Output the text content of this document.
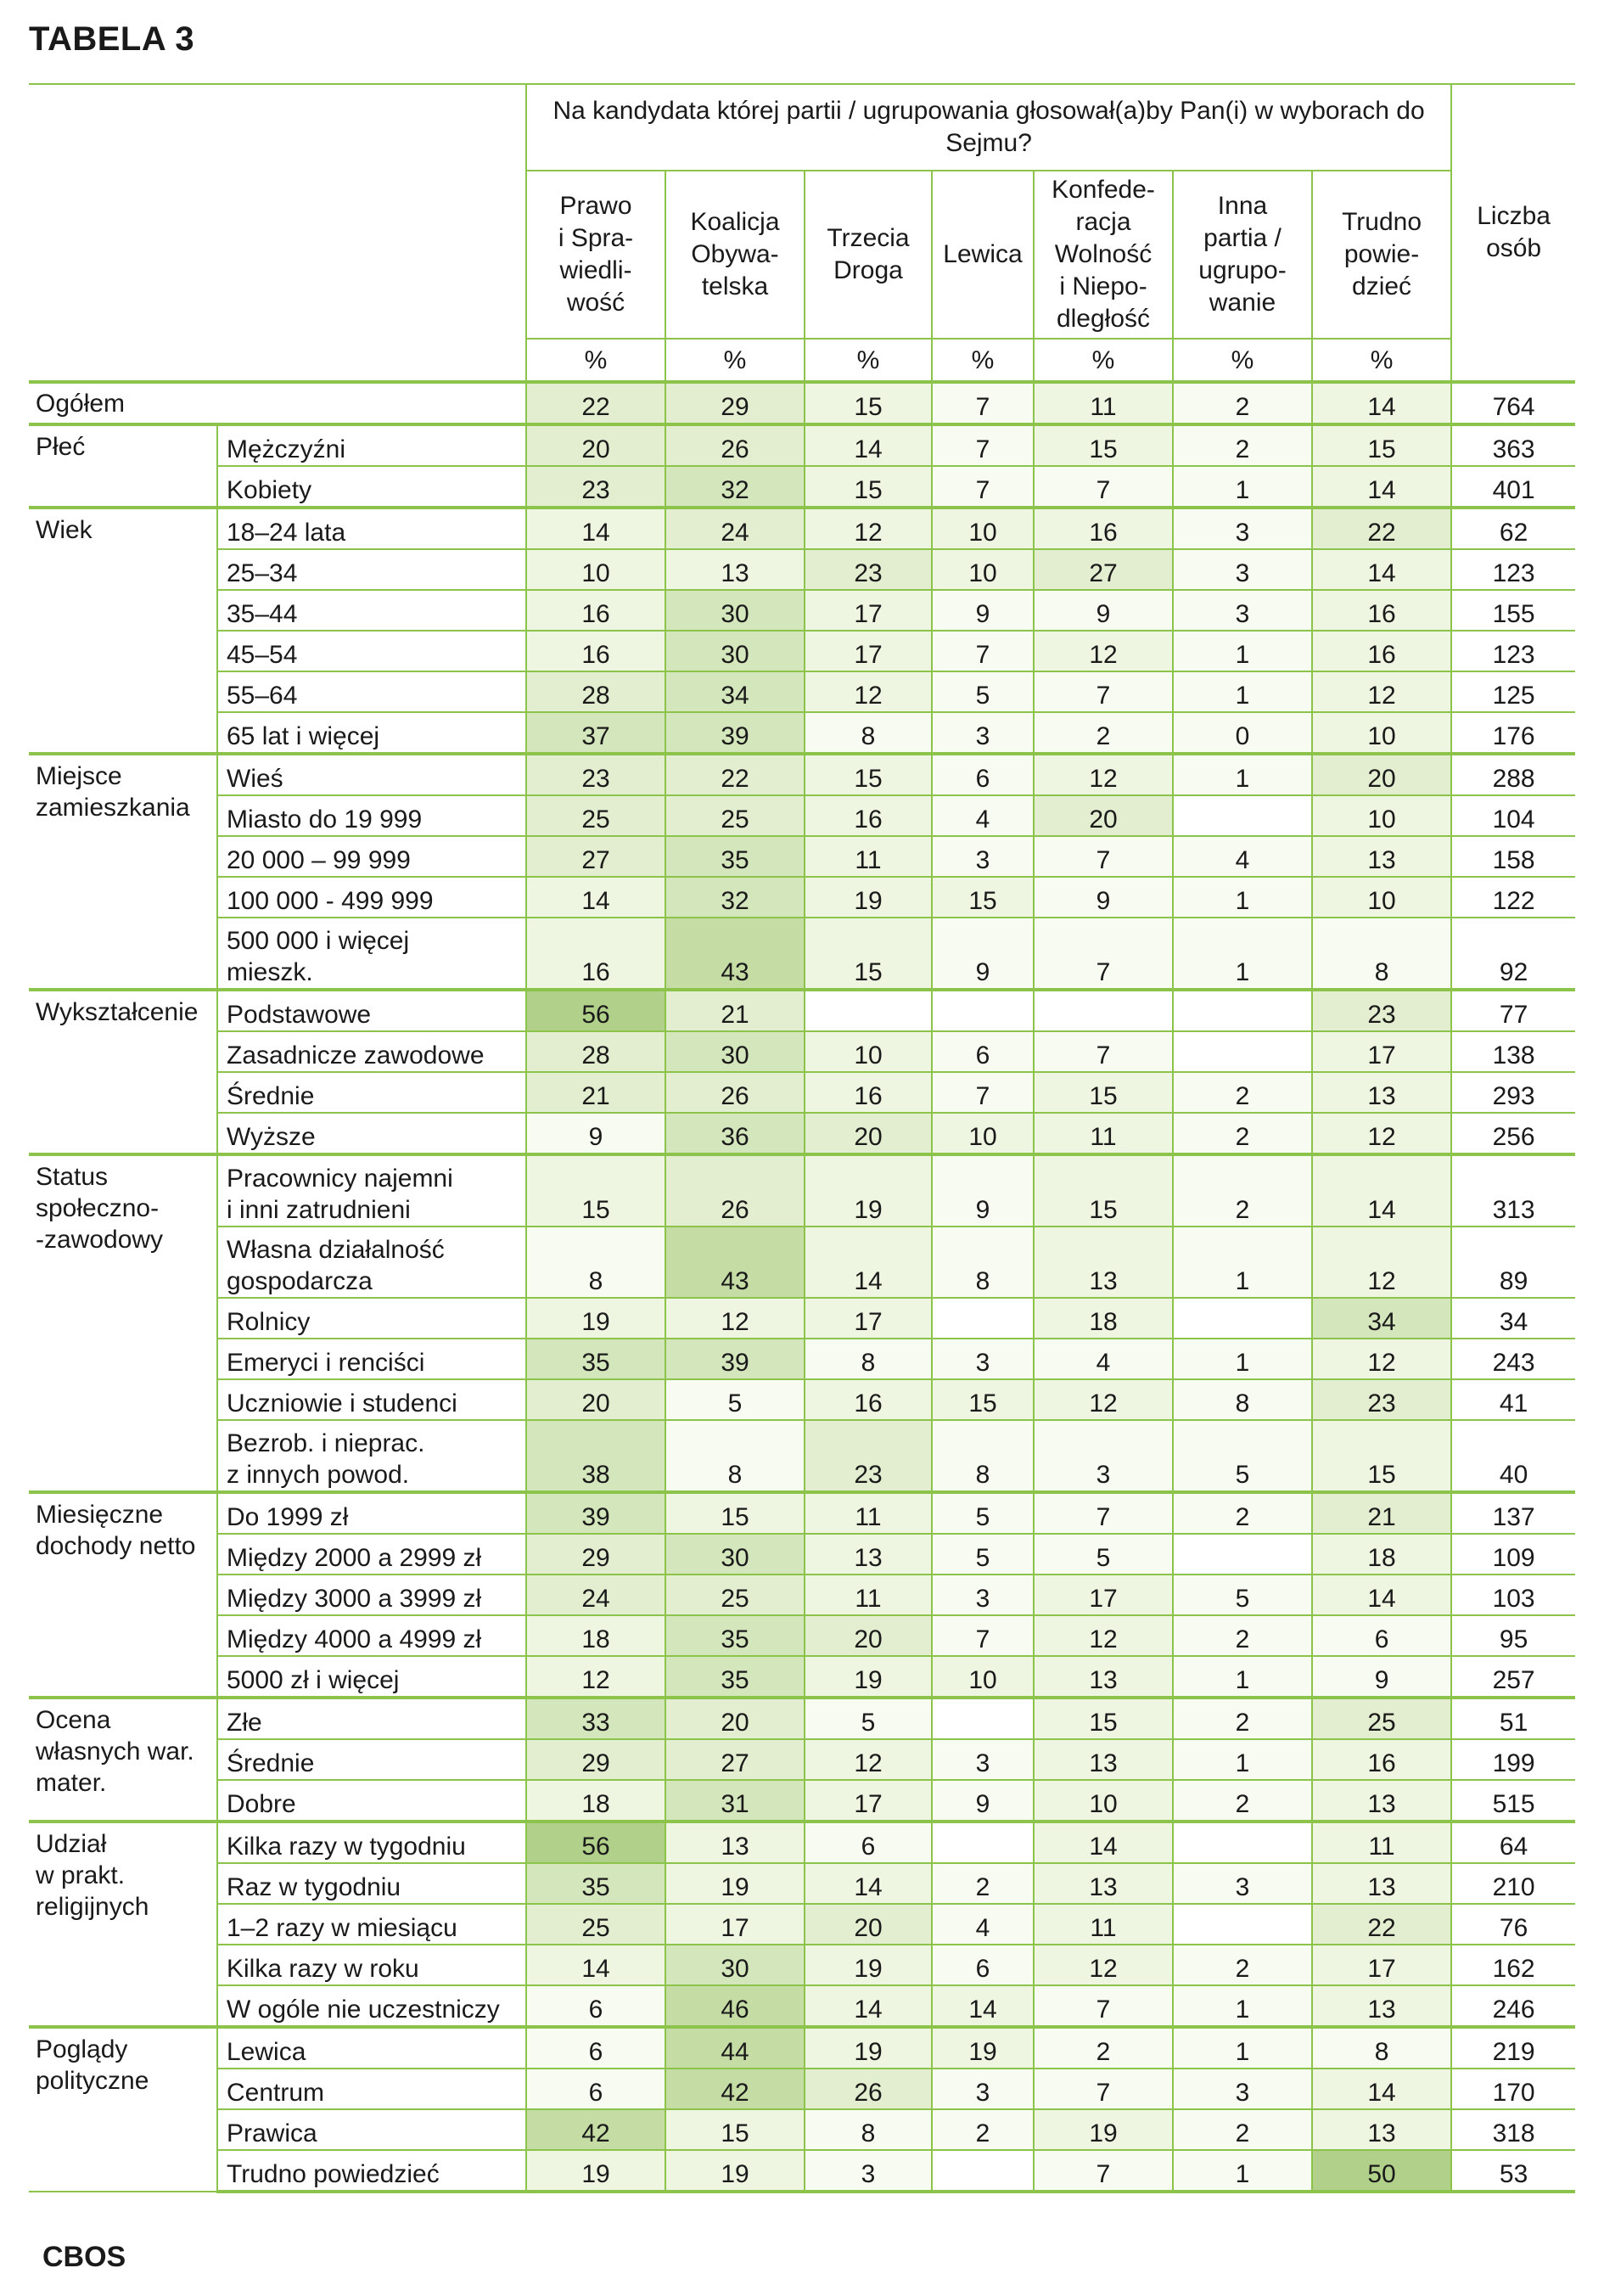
TABELA 3
		Na kandydata której partii / ugrupowania głosował(a)by Pan(i) w wyborach do Sejmu?							Liczba
osób
		Prawo
i Spra-
wiedli-
wość	Koalicja
Obywa-
telska	Trzecia
Droga	Lewica	Konfede-
racja
Wolność
i Niepo-
dległość	Inna
partia /
ugrupo-
wanie	Trudno
powie-
dzieć	
		%	%	%	%	%	%	%	
Ogółem		22	29	15	7	11	2	14	764
Płeć	Mężczyźni	20	26	14	7	15	2	15	363
	Kobiety	23	32	15	7	7	1	14	401
Wiek	18–24 lata	14	24	12	10	16	3	22	62
	25–34	10	13	23	10	27	3	14	123
	35–44	16	30	17	9	9	3	16	155
	45–54	16	30	17	7	12	1	16	123
	55–64	28	34	12	5	7	1	12	125
	65 lat i więcej	37	39	8	3	2	0	10	176
Miejsce
zamieszkania	Wieś	23	22	15	6	12	1	20	288
	Miasto do 19 999	25	25	16	4	20		10	104
	20 000 – 99 999	27	35	11	3	7	4	13	158
	100 000 - 499 999	14	32	19	15	9	1	10	122
	500 000 i więcej
mieszk.	16	43	15	9	7	1	8	92
Wykształcenie	Podstawowe	56	21					23	77
	Zasadnicze zawodowe	28	30	10	6	7		17	138
	Średnie	21	26	16	7	15	2	13	293
	Wyższe	9	36	20	10	11	2	12	256
Status
społeczno-
-zawodowy	Pracownicy najemni
i inni zatrudnieni	15	26	19	9	15	2	14	313
	Własna działalność
gospodarcza	8	43	14	8	13	1	12	89
	Rolnicy	19	12	17		18		34	34
	Emeryci i renciści	35	39	8	3	4	1	12	243
	Uczniowie i studenci	20	5	16	15	12	8	23	41
	Bezrob. i nieprac.
z innych powod.	38	8	23	8	3	5	15	40
Miesięczne
dochody netto	Do 1999 zł	39	15	11	5	7	2	21	137
	Między 2000 a 2999 zł	29	30	13	5	5		18	109
	Między 3000 a 3999 zł	24	25	11	3	17	5	14	103
	Między 4000 a 4999 zł	18	35	20	7	12	2	6	95
	5000 zł i więcej	12	35	19	10	13	1	9	257
Ocena
własnych war.
mater.	Złe	33	20	5		15	2	25	51
	Średnie	29	27	12	3	13	1	16	199
	Dobre	18	31	17	9	10	2	13	515
Udział
w prakt.
religijnych	Kilka razy w tygodniu	56	13	6		14		11	64
	Raz w tygodniu	35	19	14	2	13	3	13	210
	1–2 razy w miesiącu	25	17	20	4	11		22	76
	Kilka razy w roku	14	30	19	6	12	2	17	162
	W ogóle nie uczestniczy	6	46	14	14	7	1	13	246
Poglądy
polityczne	Lewica	6	44	19	19	2	1	8	219
	Centrum	6	42	26	3	7	3	14	170
	Prawica	42	15	8	2	19	2	13	318
	Trudno powiedzieć	19	19	3		7	1	50	53
CBOS
